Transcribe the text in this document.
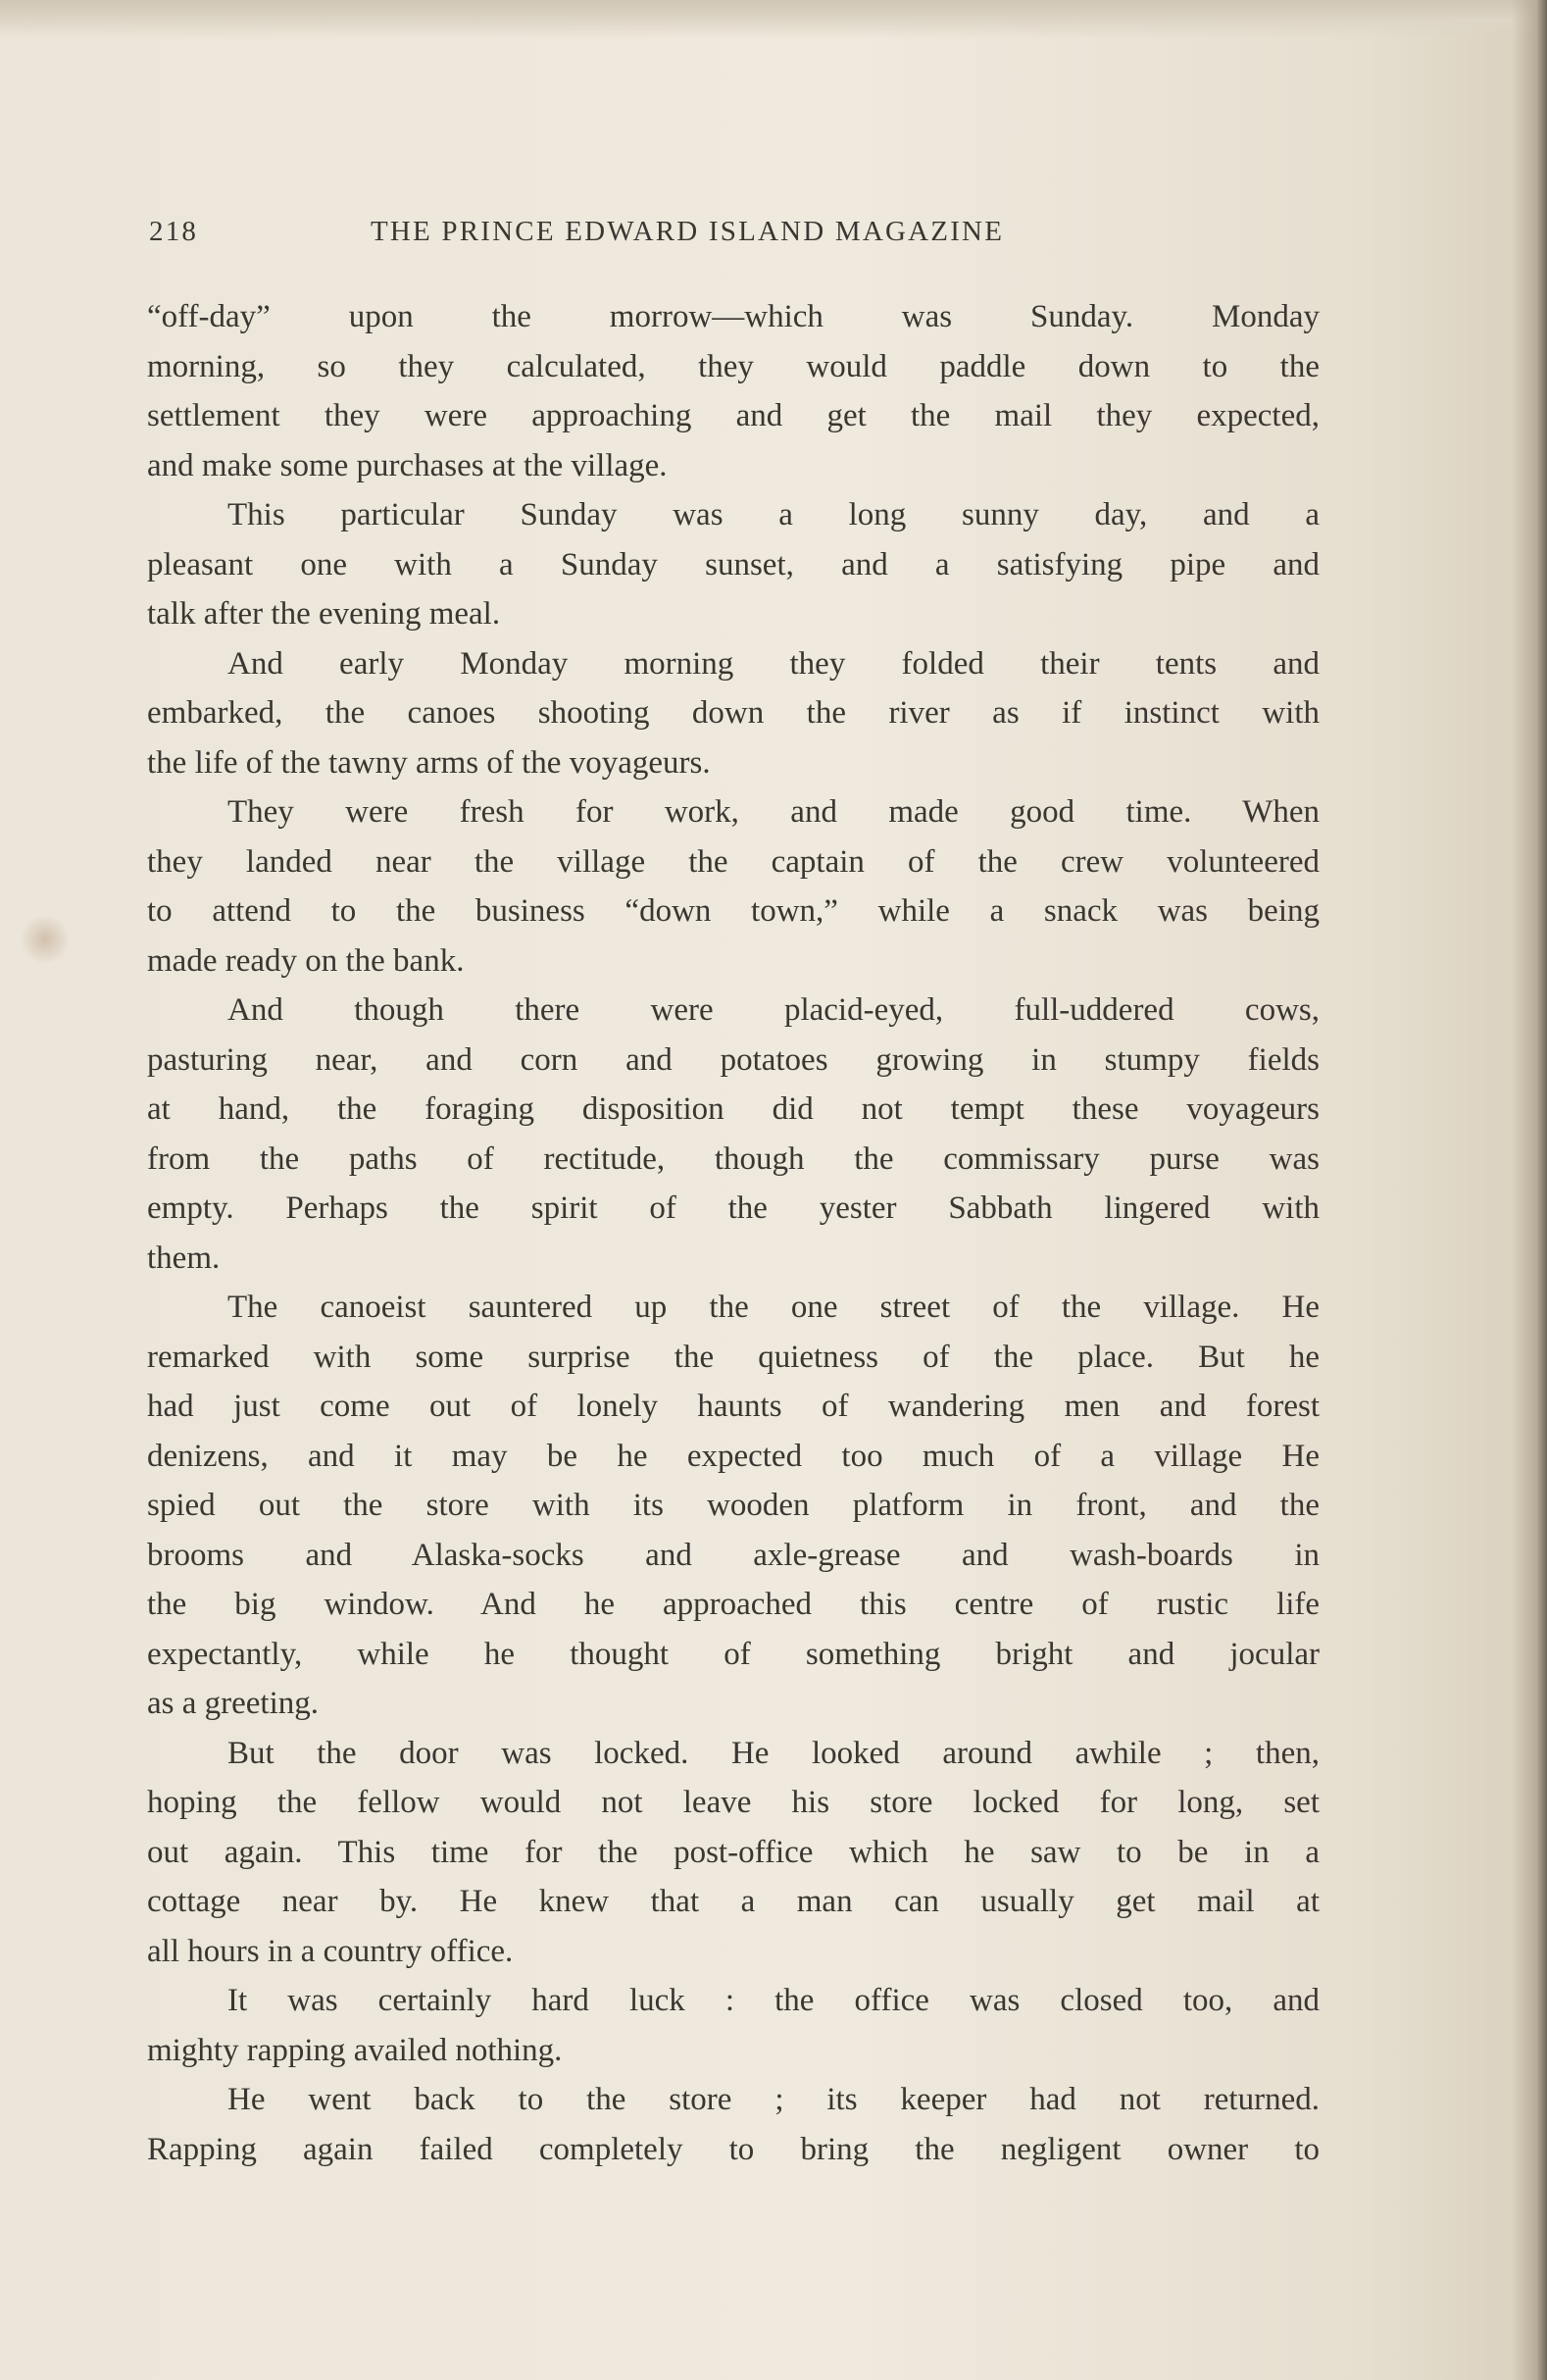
218	THE PRINCE EDWARD ISLAND MAGAZINE
“off-day” upon the morrow—which was Sunday. Monday
morning, so they calculated, they would paddle down to the
settlement they were approaching and get the mail they expected,
and make some purchases at the village.
This particular Sunday was a long sunny day, and a
pleasant one with a Sunday sunset, and a satisfying pipe and
talk after the evening meal.
And early Monday morning they folded their tents and
embarked, the canoes shooting down the river as if instinct with
the life of the tawny arms of the voyageurs.
They were fresh for work, and made good time. When
they landed near the village the captain of the crew volunteered
to attend to the business “down town,” while a snack was being
made ready on the bank.
And though there were placid-eyed, full-uddered cows,
pasturing near, and corn and potatoes growing in stumpy fields
at hand, the foraging disposition did not tempt these voyageurs
from the paths of rectitude, though the commissary purse was
empty. Perhaps the spirit of the yester Sabbath lingered with
them.
The canoeist sauntered up the one street of the village. He
remarked with some surprise the quietness of the place. But he
had just come out of lonely haunts of wandering men and forest
denizens, and it may be he expected too much of a village He
spied out the store with its wooden platform in front, and the
brooms and Alaska-socks and axle-grease and wash-boards in
the big window. And he approached this centre of rustic life
expectantly, while he thought of something bright and jocular
as a greeting.
But the door was locked. He looked around awhile ; then,
hoping the fellow would not leave his store locked for long, set
out again. This time for the post-office which he saw to be in a
cottage near by. He knew that a man can usually get mail at
all hours in a country office.
It was certainly hard luck : the office was closed too, and
mighty rapping availed nothing.
He went back to the store ; its keeper had not returned.
Rapping again failed completely to bring the negligent owner to
